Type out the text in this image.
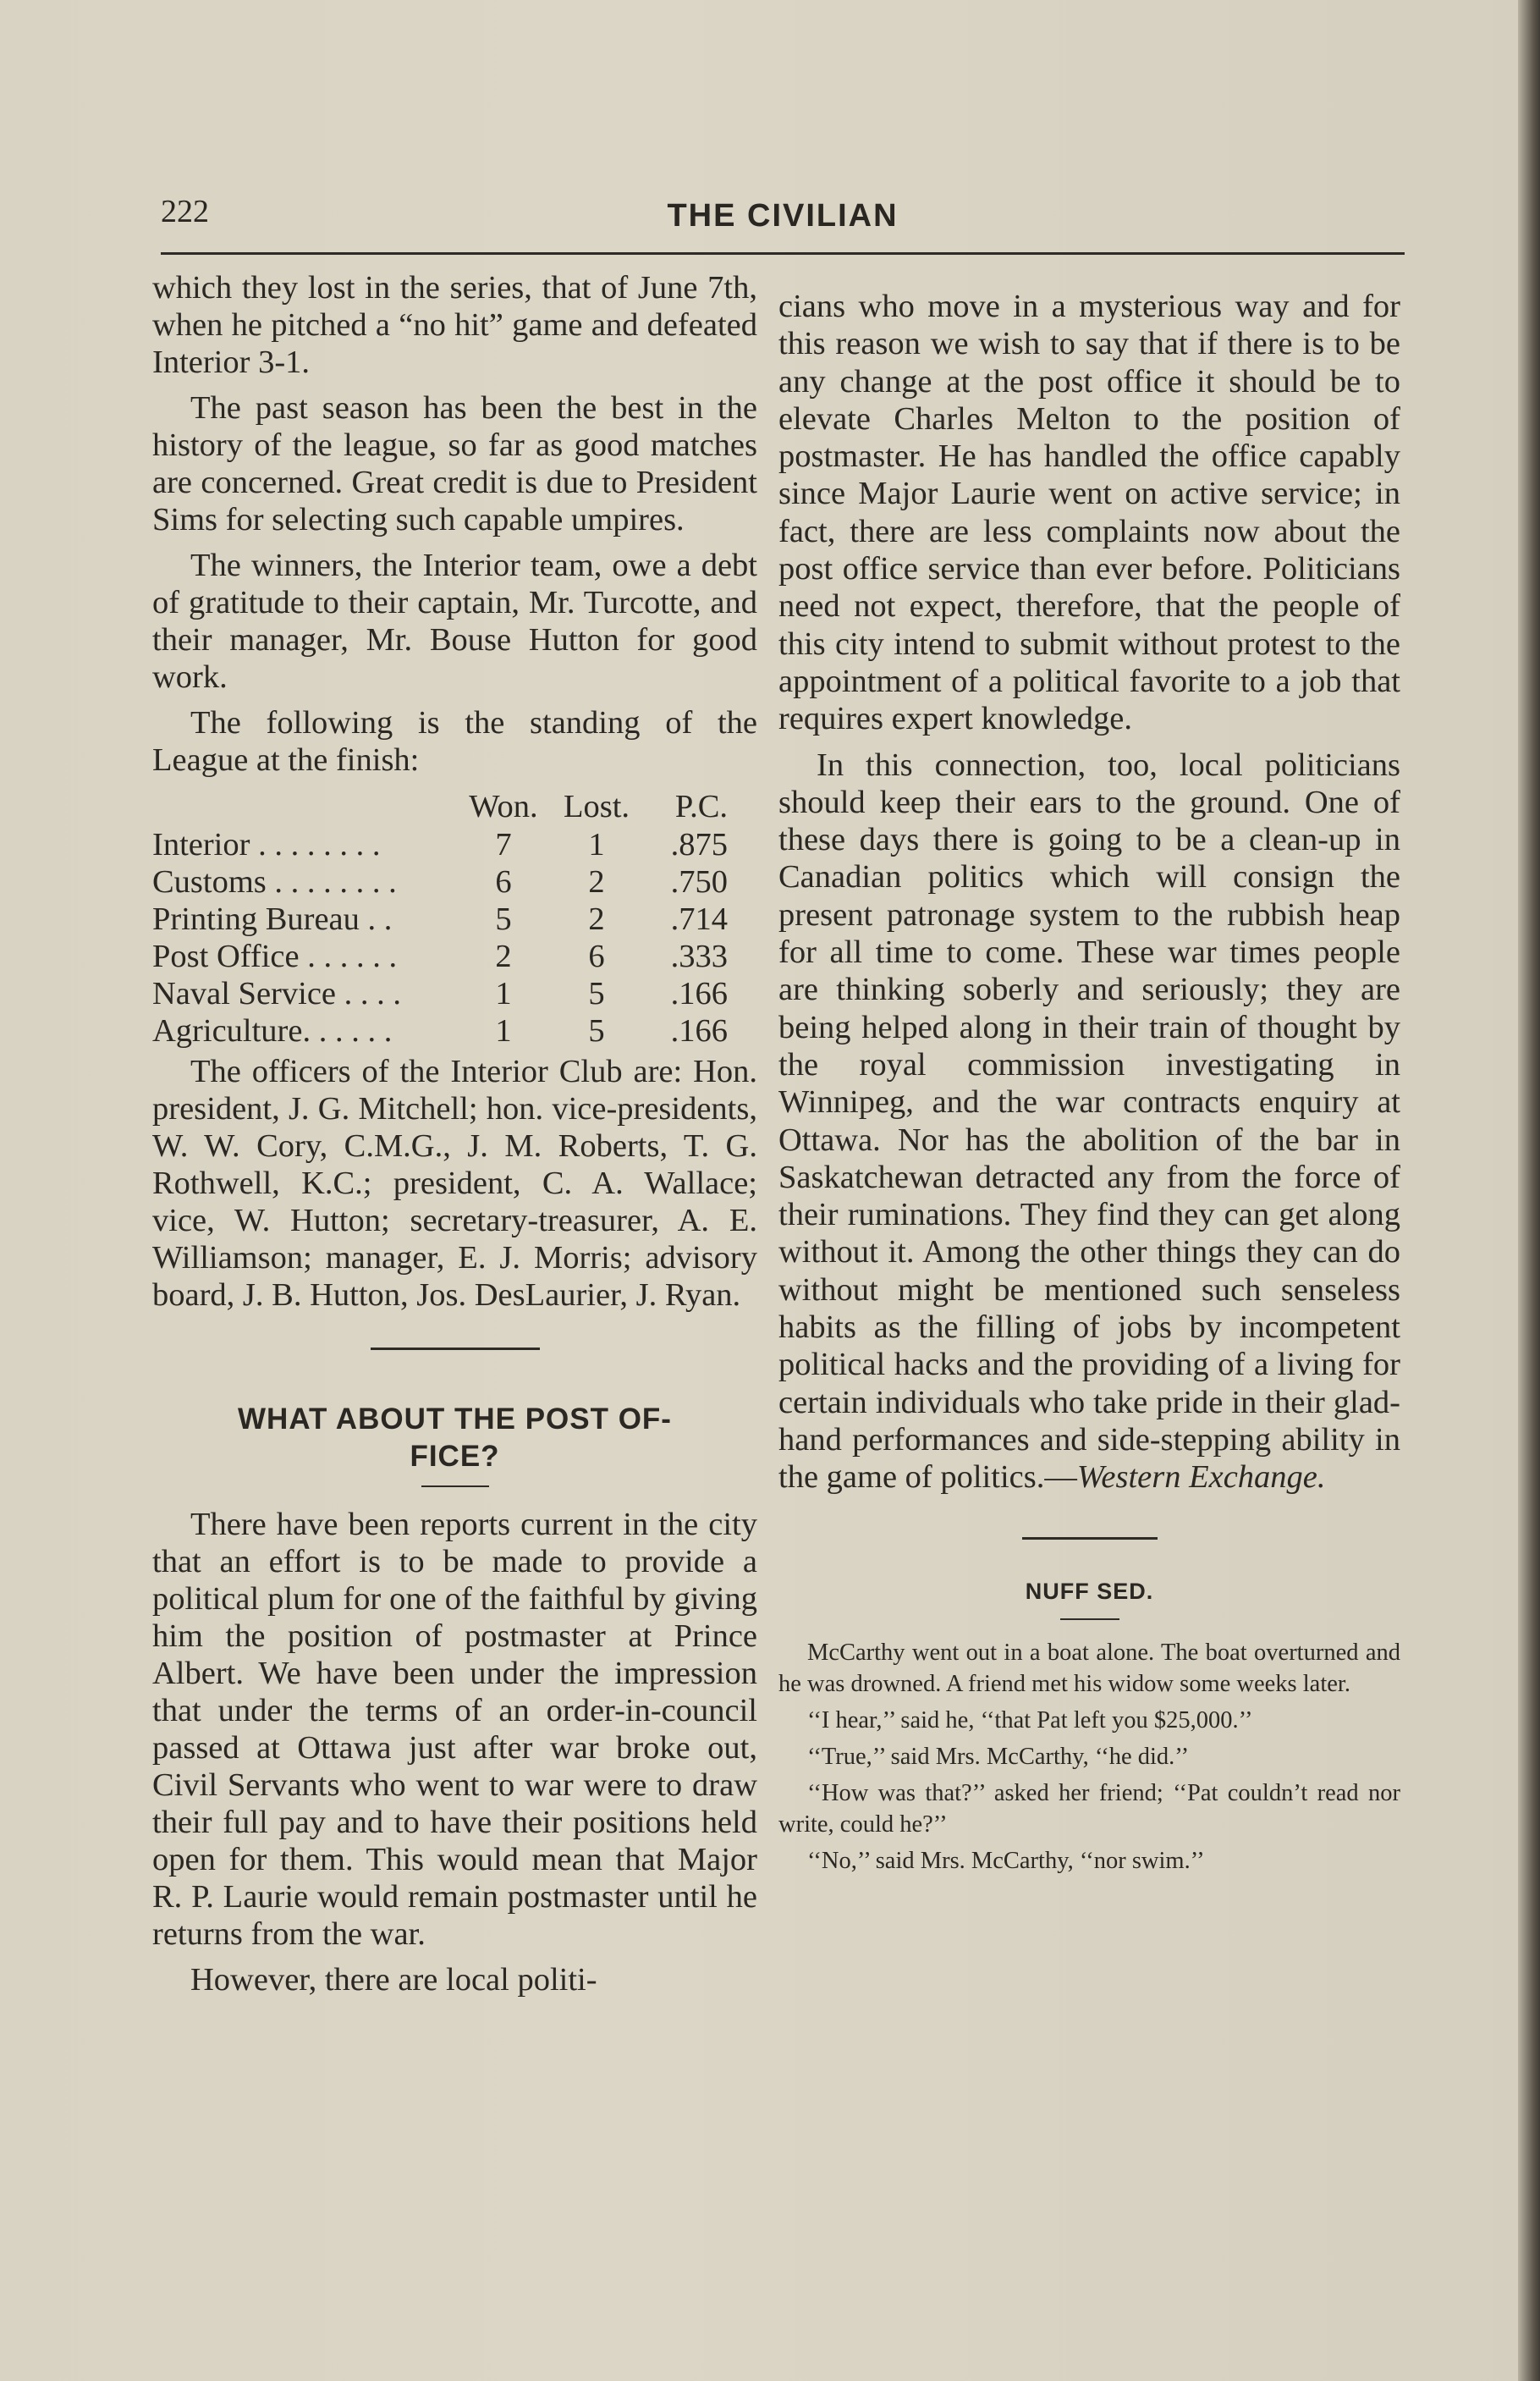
222	THE CIVILIAN

which they lost in the series, that of June 7th, when he pitched a “no hit” game and defeated Interior 3-1.

The past season has been the best in the history of the league, so far as good matches are concerned. Great credit is due to President Sims for selecting such capable umpires.

The winners, the Interior team, owe a debt of gratitude to their captain, Mr. Turcotte, and their manager, Mr. Bouse Hutton for good work.

The following is the standing of the League at the finish:

	Won.	Lost.	P.C.
Interior . . . . . . . .	7	1	.875
Customs . . . . . . . .	6	2	.750
Printing Bureau . .	5	2	.714
Post Office . . . . . .	2	6	.333
Naval Service . . . .	1	5	.166
Agriculture. . . . . .	1	5	.166

The officers of the Interior Club are: Hon. president, J. G. Mitchell; hon. vice-presidents, W. W. Cory, C.M.G., J. M. Roberts, T. G. Rothwell, K.C.; president, C. A. Wallace; vice, W. Hutton; secretary-treasurer, A. E. Williamson; manager, E. J. Morris; advisory board, J. B. Hutton, Jos. DesLaurier, J. Ryan.

WHAT ABOUT THE POST OF-
FICE?

There have been reports current in the city that an effort is to be made to provide a political plum for one of the faithful by giving him the position of postmaster at Prince Albert. We have been under the impression that under the terms of an order-in-council passed at Ottawa just after war broke out, Civil Servants who went to war were to draw their full pay and to have their positions held open for them. This would mean that Major R. P. Laurie would remain postmaster until he returns from the war.

However, there are local politi-

cians who move in a mysterious way and for this reason we wish to say that if there is to be any change at the post office it should be to elevate Charles Melton to the position of postmaster. He has handled the office capably since Major Laurie went on active service; in fact, there are less complaints now about the post office service than ever before. Politicians need not expect, therefore, that the people of this city intend to submit without protest to the appointment of a political favorite to a job that requires expert knowledge.

In this connection, too, local politicians should keep their ears to the ground. One of these days there is going to be a clean-up in Canadian politics which will consign the present patronage system to the rubbish heap for all time to come. These war times people are thinking soberly and seriously; they are being helped along in their train of thought by the royal commission investigating in Winnipeg, and the war contracts enquiry at Ottawa. Nor has the abolition of the bar in Saskatchewan detracted any from the force of their ruminations. They find they can get along without it. Among the other things they can do without might be mentioned such senseless habits as the filling of jobs by incompetent political hacks and the providing of a living for certain individuals who take pride in their glad-hand performances and side-stepping ability in the game of politics.—Western Exchange.

NUFF SED.

McCarthy went out in a boat alone. The boat overturned and he was drowned. A friend met his widow some weeks later.

‘‘I hear,’’ said he, ‘‘that Pat left you $25,000.’’

‘‘True,’’ said Mrs. McCarthy, ‘‘he did.’’

‘‘How was that?’’ asked her friend; ‘‘Pat couldn’t read nor write, could he?’’

‘‘No,’’ said Mrs. McCarthy, ‘‘nor swim.’’
